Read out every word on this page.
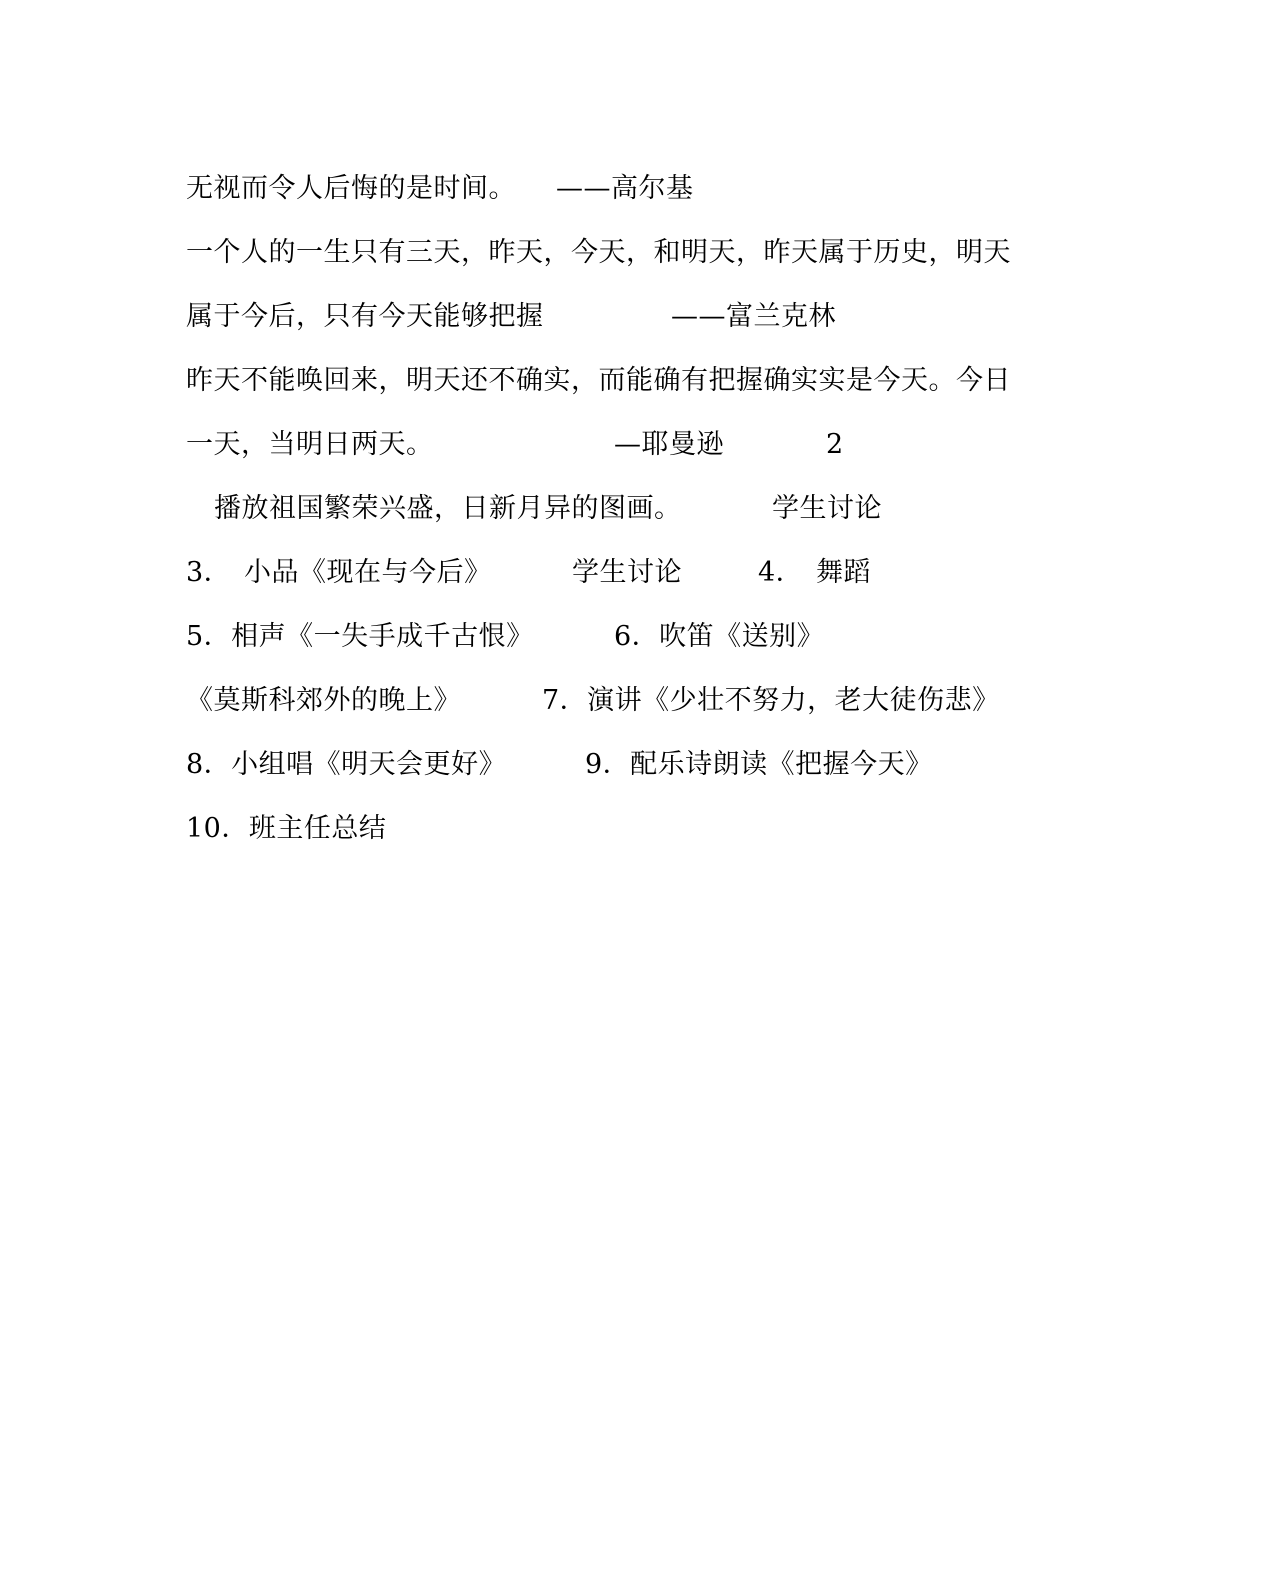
无视而令人后悔的是时间。

——高尔基

一个人的一生只有三天，昨天，今天，和明天，昨天属于历史，明天

属于今后，只有今天能够把握

	——富兰克林

昨天不能唤回来，明天还不确实，而能确有把握确实实是今天。今日

一天，当明日两天。

	—耶曼逊

	2

播放祖国繁荣兴盛，日新月异的图画。

	学生讨论

3．

小品《现在与今后》

	学生讨论

	4．

舞蹈

5．相声《一失手成千古恨》

	6．吹笛《送别》

《莫斯科郊外的晚上》

	7．演讲《少壮不努力，老大徒伤悲》

8．小组唱《明天会更好》

	9．配乐诗朗读《把握今天》

10．班主任总结
